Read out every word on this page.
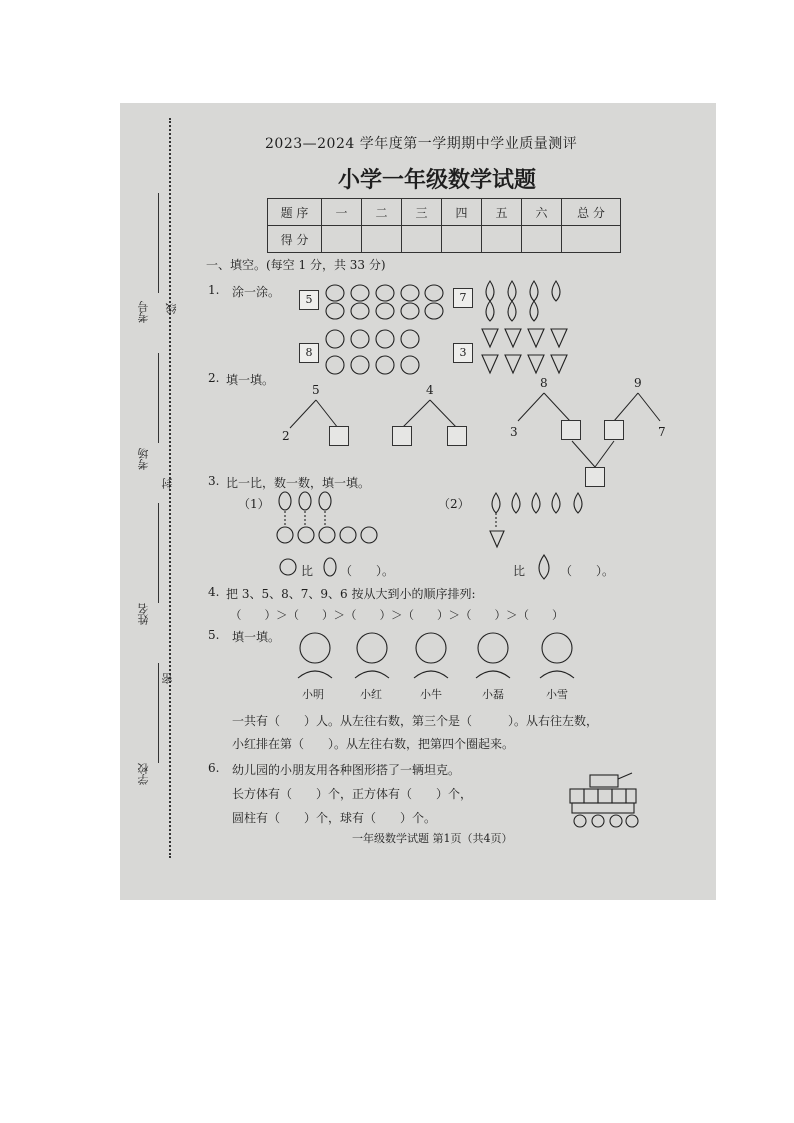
考号 线
考场
封
姓名
密
学校
2023—2024 学年度第一学期期中学业质量测评
小学一年级数学试题
题 序	一	二	三	四	五	六	总 分
得 分							
一、填空。(每空 1 分，共 33 分)
1. 涂一涂。
5	7
8	3
2. 填一填。
5
2
4	8
3
9
7
3. 比一比，数一数，填一填。
（1）	（2）
比 （　　）。	比	（　　）。
4. 把 3、5、8、7、9、6 按从大到小的顺序排列:
（　　）＞（　　）＞（　　）＞（　　）＞（　　）＞（　　）
5. 填一填。
小明	小红	小牛	小磊	小雪
一共有（　　）人。从左往右数，第三个是（　　　）。从右往左数，
小红排在第（　　）。从左往右数，把第四个圈起来。
6. 幼儿园的小朋友用各种图形搭了一辆坦克。
长方体有（　　）个，正方体有（　　）个，
圆柱有（　　）个，球有（　　）个。
一年级数学试题 第1页（共4页）
